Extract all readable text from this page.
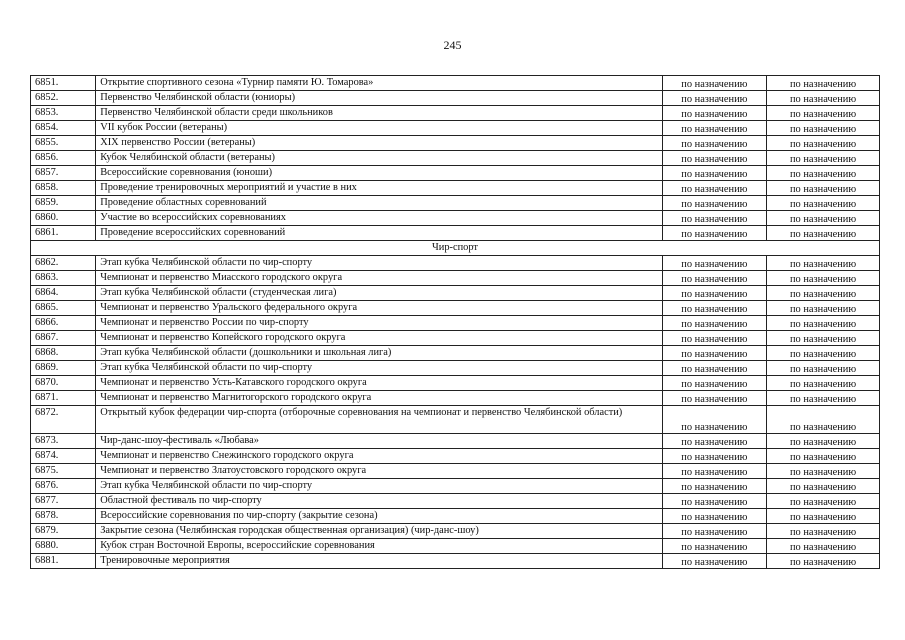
245
6851.	Открытие спортивного сезона «Турнир памяти Ю. Томарова»	по назначению	по назначению
6852.	Первенство Челябинской области (юниоры)	по назначению	по назначению
6853.	Первенство Челябинской области среди школьников	по назначению	по назначению
6854.	VII кубок России (ветераны)	по назначению	по назначению
6855.	XIX первенство России (ветераны)	по назначению	по назначению
6856.	Кубок Челябинской области (ветераны)	по назначению	по назначению
6857.	Всероссийские соревнования (юноши)	по назначению	по назначению
6858.	Проведение тренировочных мероприятий и участие в них	по назначению	по назначению
6859.	Проведение областных соревнований	по назначению	по назначению
6860.	Участие во всероссийских соревнованиях	по назначению	по назначению
6861.	Проведение всероссийских соревнований	по назначению	по назначению
Чир-спорт			
6862.	Этап кубка Челябинской области по чир-спорту	по назначению	по назначению
6863.	Чемпионат и первенство Миасского городского округа	по назначению	по назначению
6864.	Этап кубка Челябинской области (студенческая лига)	по назначению	по назначению
6865.	Чемпионат и первенство Уральского федерального округа	по назначению	по назначению
6866.	Чемпионат и первенство России по чир-спорту	по назначению	по назначению
6867.	Чемпионат и первенство Копейского городского округа	по назначению	по назначению
6868.	Этап кубка Челябинской области (дошкольники и школьная лига)	по назначению	по назначению
6869.	Этап кубка Челябинской области по чир-спорту	по назначению	по назначению
6870.	Чемпионат и первенство Усть-Катавского городского округа	по назначению	по назначению
6871.	Чемпионат и первенство Магнитогорского городского округа	по назначению	по назначению
6872.	Открытый кубок федерации чир-спорта (отборочные соревнования на чемпионат и первенство Челябинской области)	по назначению	по назначению
6873.	Чир-данс-шоу-фестиваль «Любава»	по назначению	по назначению
6874.	Чемпионат и первенство Снежинского городского округа	по назначению	по назначению
6875.	Чемпионат и первенство Златоустовского городского округа	по назначению	по назначению
6876.	Этап кубка Челябинской области по чир-спорту	по назначению	по назначению
6877.	Областной фестиваль по чир-спорту	по назначению	по назначению
6878.	Всероссийские соревнования по чир-спорту (закрытие сезона)	по назначению	по назначению
6879.	Закрытие сезона (Челябинская городская общественная организация) (чир-данс-шоу)	по назначению	по назначению
6880.	Кубок стран Восточной Европы, всероссийские соревнования	по назначению	по назначению
6881.	Тренировочные мероприятия	по назначению	по назначению
